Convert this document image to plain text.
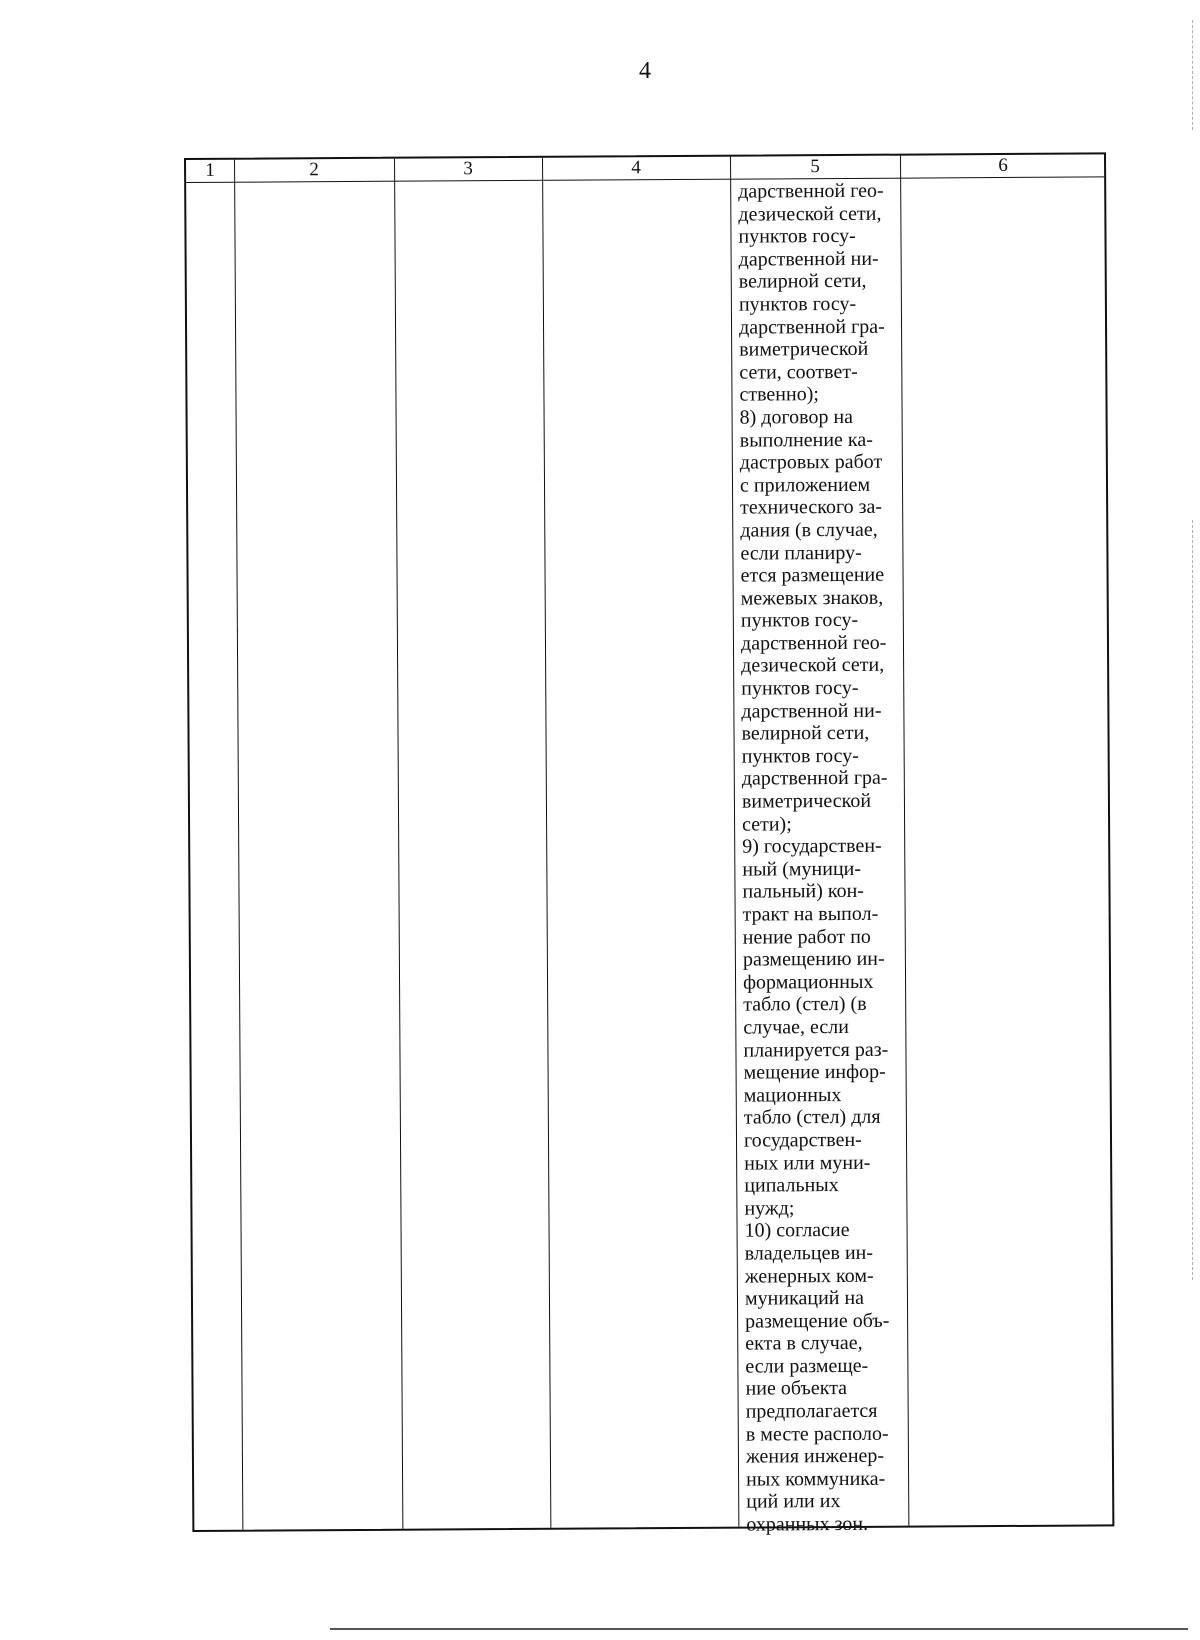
4
1	2	3	4	5	6
дарственной гео-
дезической сети,
пунктов госу-
дарственной ни-
велирной сети,
пунктов госу-
дарственной гра-
виметрической
сети, соответ-
ственно);
8) договор на
выполнение ка-
дастровых работ
с приложением
технического за-
дания (в случае,
если планиру-
ется размещение
межевых знаков,
пунктов госу-
дарственной гео-
дезической сети,
пунктов госу-
дарственной ни-
велирной сети,
пунктов госу-
дарственной гра-
виметрической
сети);
9) государствен-
ный (муници-
пальный) кон-
тракт на выпол-
нение работ по
размещению ин-
формационных
табло (стел) (в
случае, если
планируется раз-
мещение инфор-
мационных
табло (стел) для
государствен-
ных или муни-
ципальных
нужд;
10) согласие
владельцев ин-
женерных ком-
муникаций на
размещение объ-
екта в случае,
если размеще-
ние объекта
предполагается
в месте располо-
жения инженер-
ных коммуника-
ций или их
охранных зон.
